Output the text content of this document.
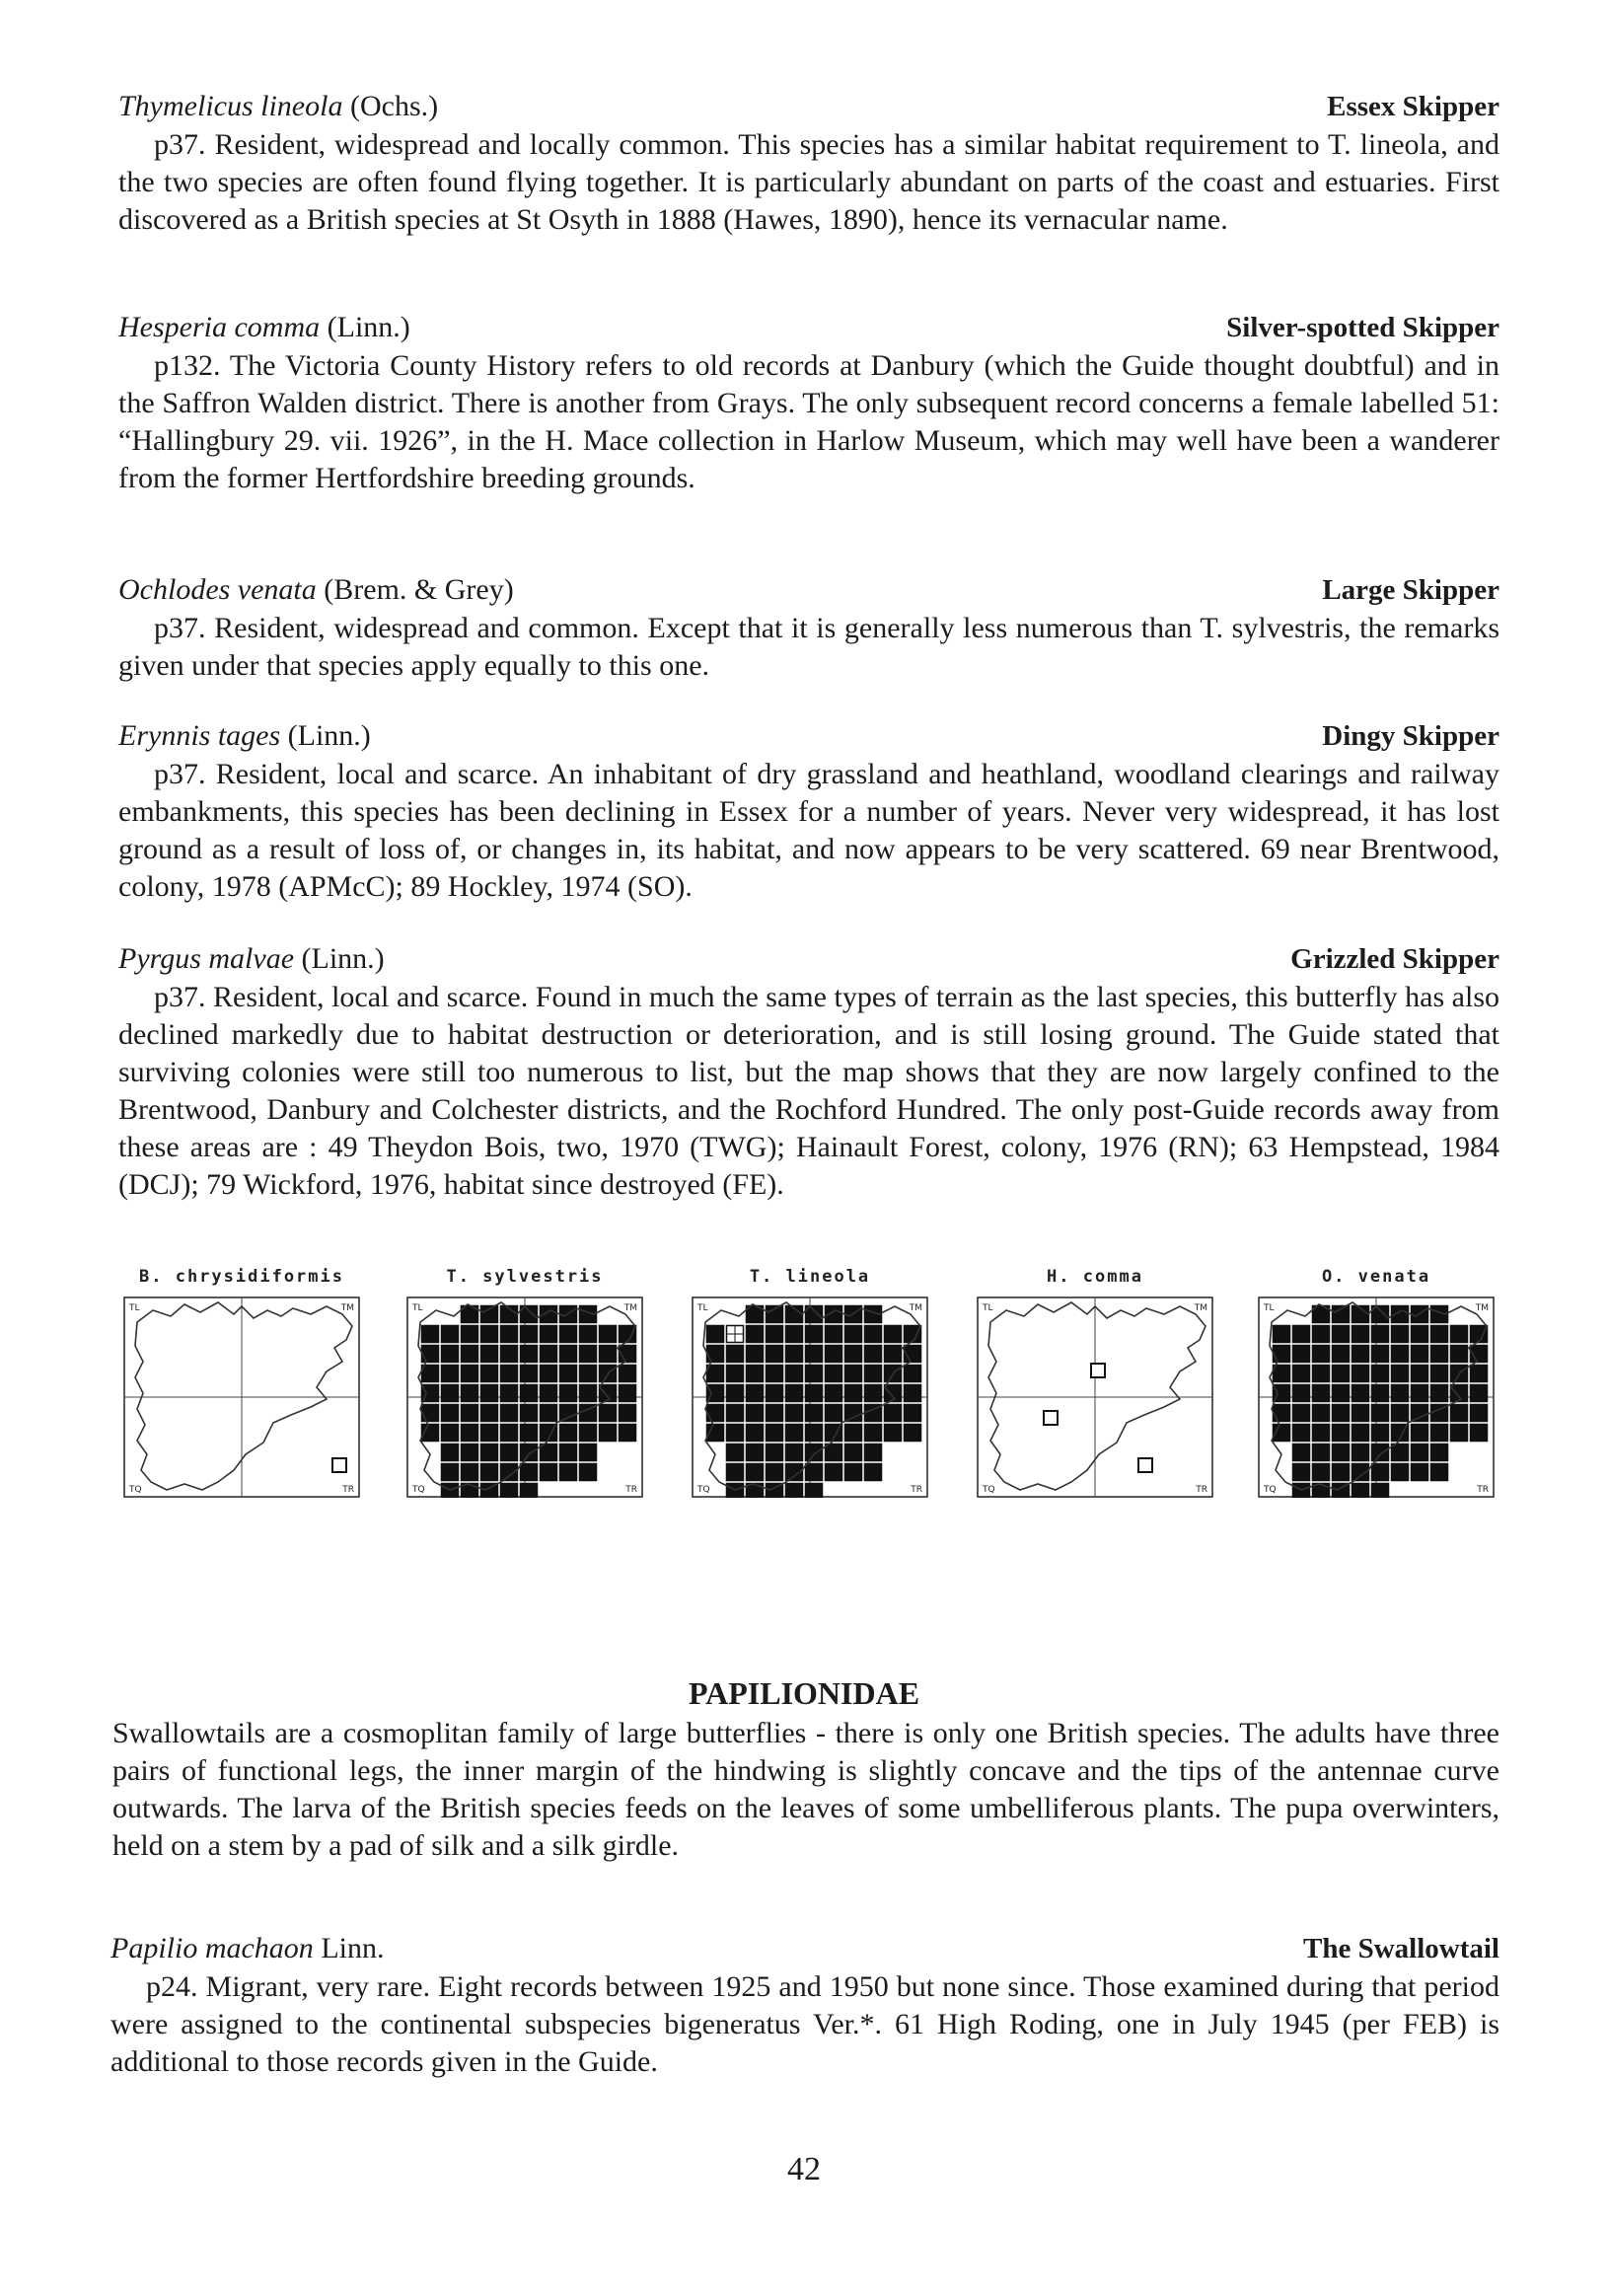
Thymelicus lineola (Ochs.)	Essex Skipper

p37. Resident, widespread and locally common. This species has a similar habitat requirement to T. lineola, and the two species are often found flying together. It is particularly abundant on parts of the coast and estuaries. First discovered as a British species at St Osyth in 1888 (Hawes, 1890), hence its vernacular name.

Hesperia comma (Linn.)	Silver-spotted Skipper

p132. The Victoria County History refers to old records at Danbury (which the Guide thought doubtful) and in the Saffron Walden district. There is another from Grays. The only subsequent record concerns a female labelled 51: “Hallingbury 29. vii. 1926”, in the H. Mace collection in Harlow Museum, which may well have been a wanderer from the former Hertfordshire breeding grounds.

Ochlodes venata (Brem. & Grey)	Large Skipper

p37. Resident, widespread and common. Except that it is generally less numerous than T. sylvestris, the remarks given under that species apply equally to this one.

Erynnis tages (Linn.)	Dingy Skipper

p37. Resident, local and scarce. An inhabitant of dry grassland and heathland, woodland clearings and railway embankments, this species has been declining in Essex for a number of years. Never very widespread, it has lost ground as a result of loss of, or changes in, its habitat, and now appears to be very scattered. 69 near Brentwood, colony, 1978 (APMcC); 89 Hockley, 1974 (SO).

Pyrgus malvae (Linn.)	Grizzled Skipper

p37. Resident, local and scarce. Found in much the same types of terrain as the last species, this butterfly has also declined markedly due to habitat destruction or deterioration, and is still losing ground. The Guide stated that surviving colonies were still too numerous to list, but the map shows that they are now largely confined to the Brentwood, Danbury and Colchester districts, and the Rochford Hundred. The only post-Guide records away from these areas are : 49 Theydon Bois, two, 1970 (TWG); Hainault Forest, colony, 1976 (RN); 63 Hempstead, 1984 (DCJ); 79 Wickford, 1976, habitat since destroyed (FE).

B. chrysidiformis
TL	TM
TQ	TR
T. sylvestris
TL	TM
TQ	TR
T. lineola
TL	TM
TQ	TR
H. comma
TL	TM
TQ	TR
O. venata
TL	TM
TQ	TR
PAPILIONIDAE

Swallowtails are a cosmoplitan family of large butterflies - there is only one British species. The adults have three pairs of functional legs, the inner margin of the hindwing is slightly concave and the tips of the antennae curve outwards. The larva of the British species feeds on the leaves of some umbelliferous plants. The pupa overwinters, held on a stem by a pad of silk and a silk girdle.

Papilio machaon Linn.	The Swallowtail

p24. Migrant, very rare. Eight records between 1925 and 1950 but none since. Those examined during that period were assigned to the continental subspecies bigeneratus Ver.*. 61 High Roding, one in July 1945 (per FEB) is additional to those records given in the Guide.

42
